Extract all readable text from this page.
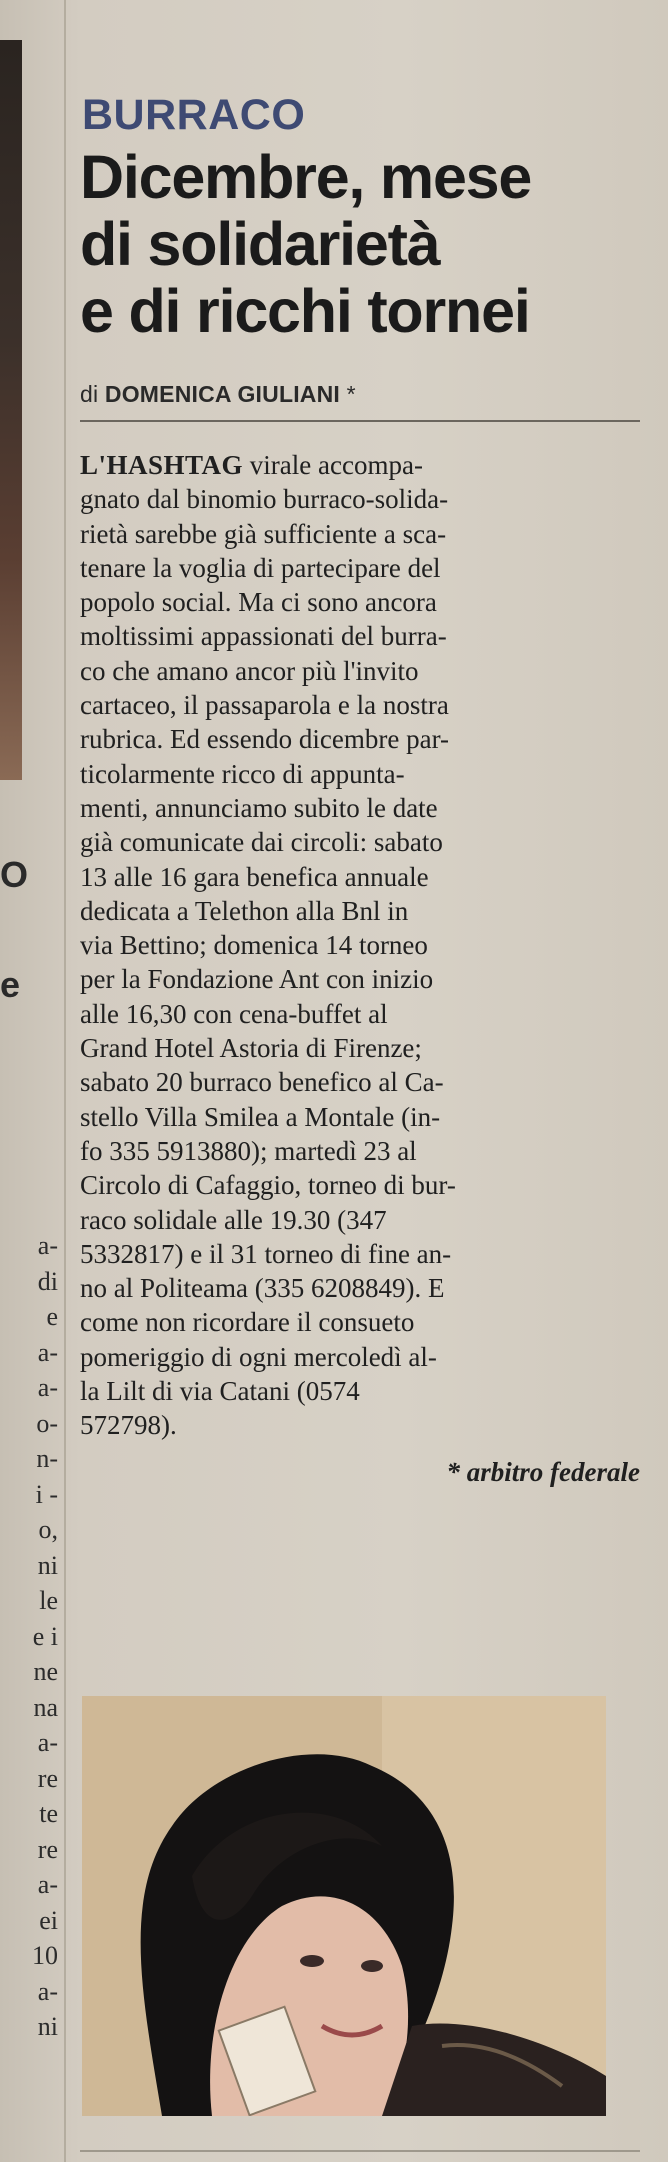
O
e
a-
di
e
a-
a-
o-
n-
i -
o,
ni
le
e i
ne
na
a-
re
te
re
a-
ei
10
a-
ni
BURRACO
Dicembre, mese
di solidarietà
e di ricchi tornei
di DOMENICA GIULIANI *
L'HASHTAG virale accompa-
gnato dal binomio burraco-solida-
rietà sarebbe già sufficiente a sca-
tenare la voglia di partecipare del
popolo social. Ma ci sono ancora
moltissimi appassionati del burra-
co che amano ancor più l'invito
cartaceo, il passaparola e la nostra
rubrica. Ed essendo dicembre par-
ticolarmente ricco di appunta-
menti, annunciamo subito le date
già comunicate dai circoli: sabato
13 alle 16 gara benefica annuale
dedicata a Telethon alla Bnl in
via Bettino; domenica 14 torneo
per la Fondazione Ant con inizio
alle 16,30 con cena-buffet al
Grand Hotel Astoria di Firenze;
sabato 20 burraco benefico al Ca-
stello Villa Smilea a Montale (in-
fo 335 5913880); martedì 23 al
Circolo di Cafaggio, torneo di bur-
raco solidale alle 19.30 (347
5332817) e il 31 torneo di fine an-
no al Politeama (335 6208849). E
come non ricordare il consueto
pomeriggio di ogni mercoledì al-
la Lilt di via Catani (0574
572798).
* arbitro federale
